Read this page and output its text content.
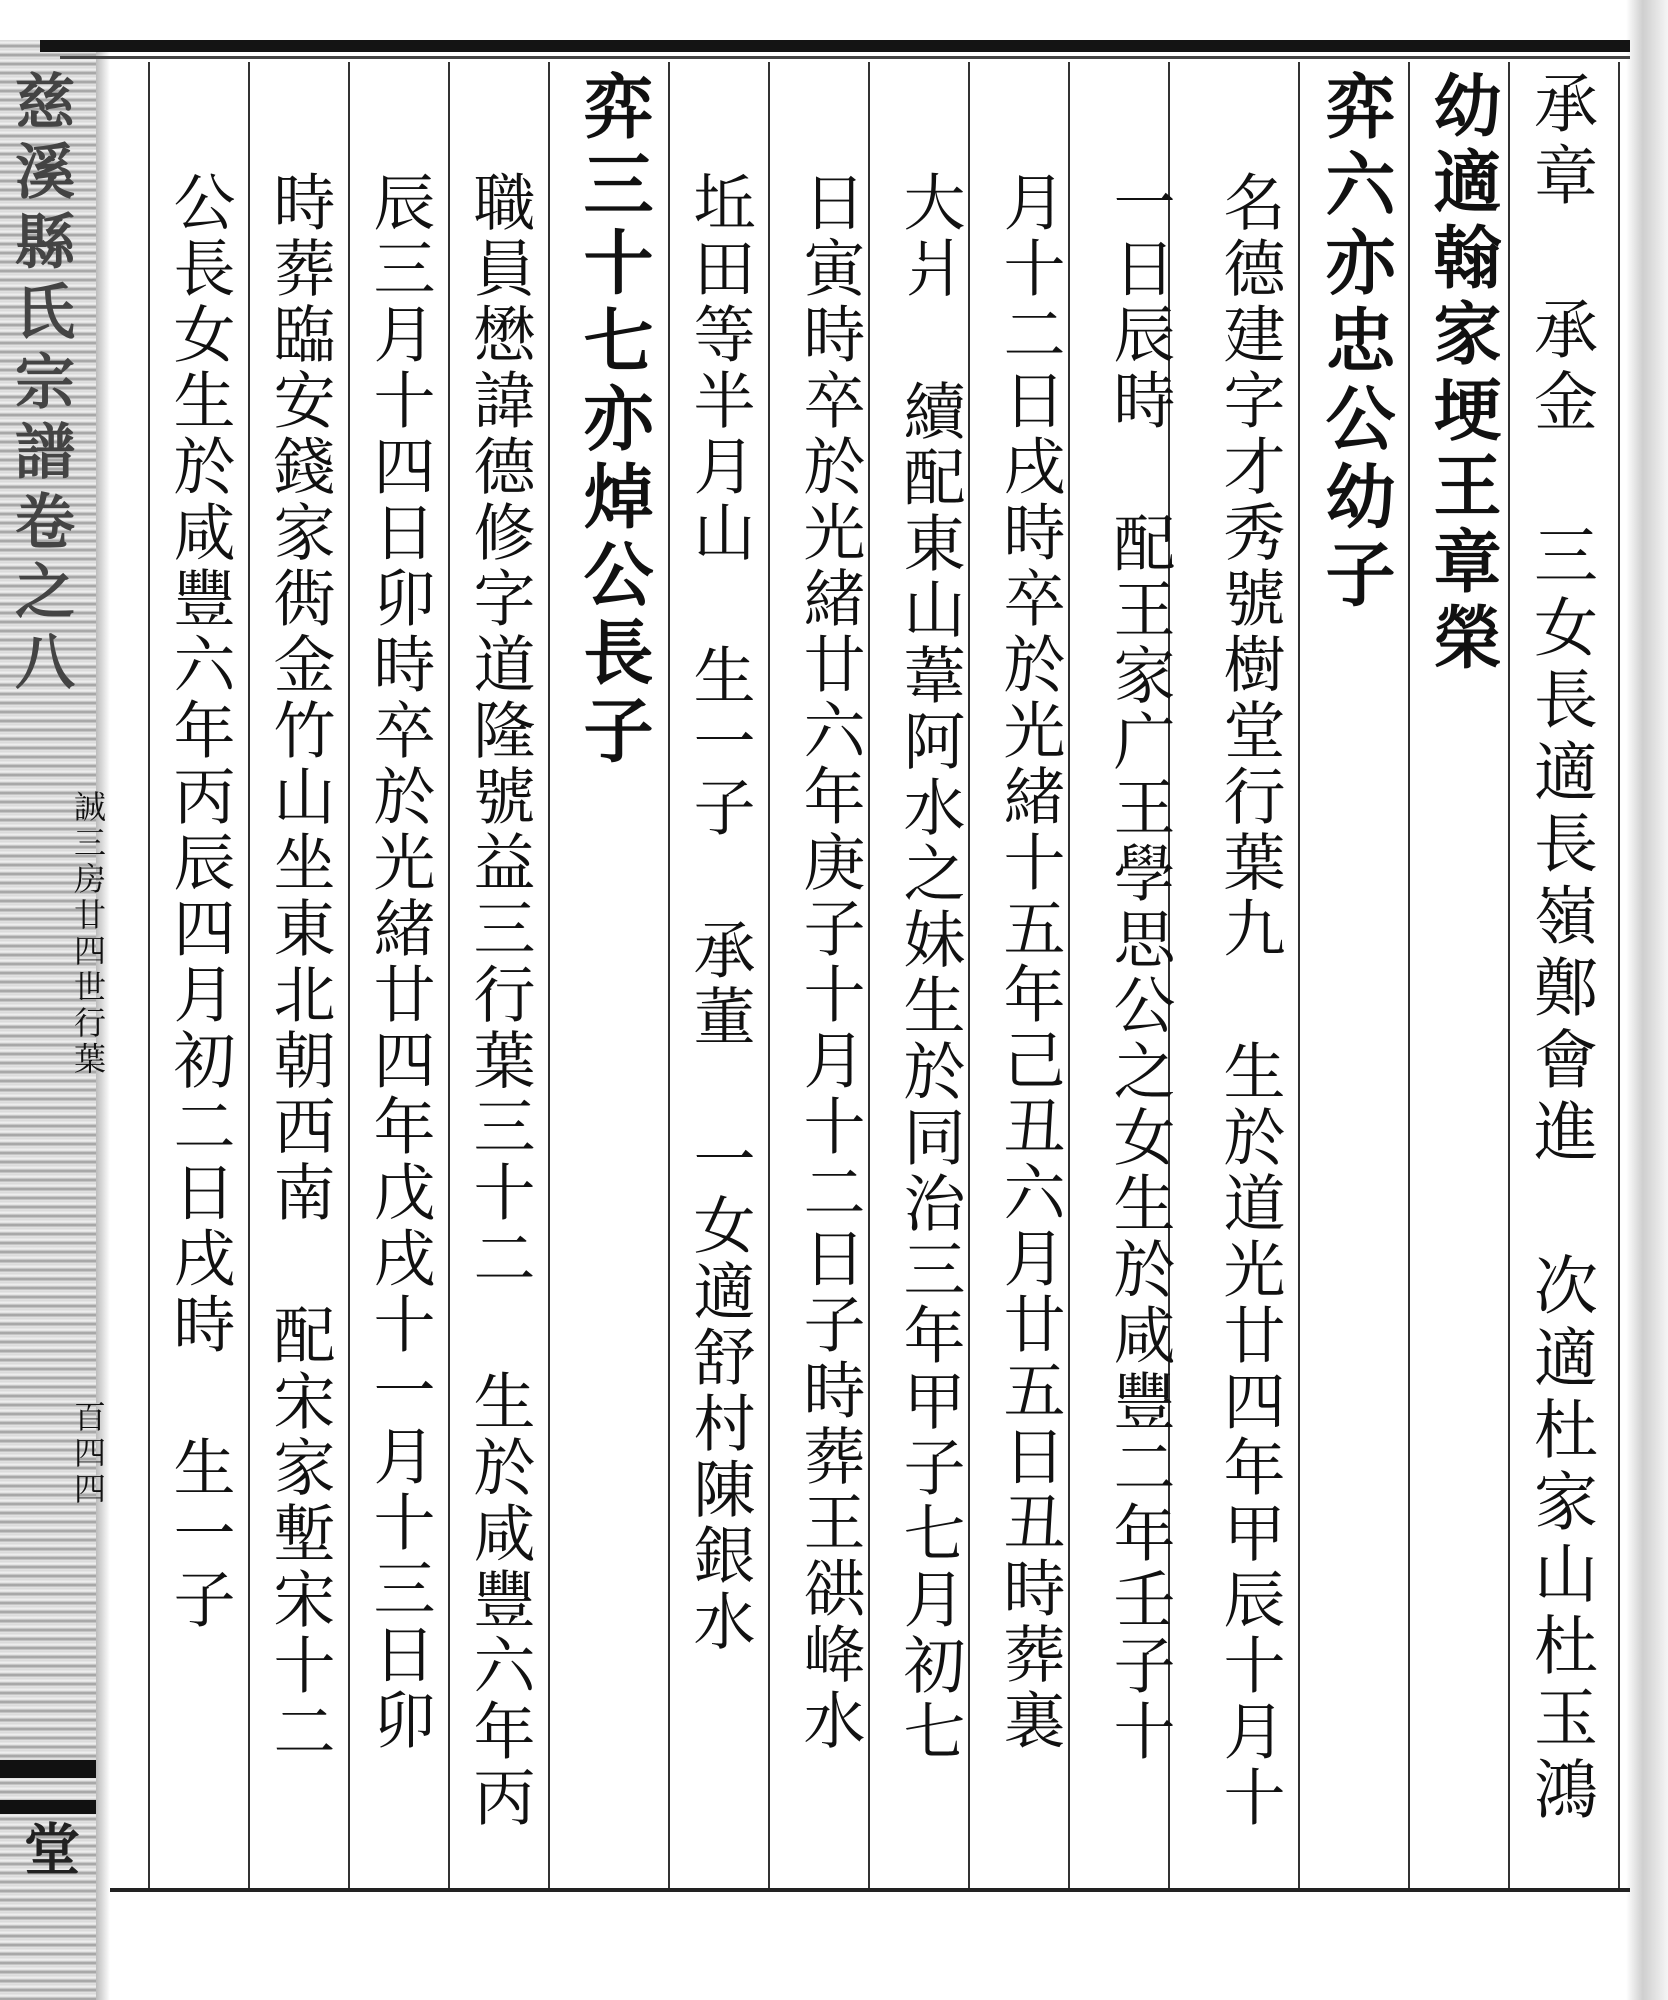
慈溪縣氏宗譜卷之八
堂
誠三房廿四世行葉
百四四	承章 承金 三女長適長嶺鄭會進 次適杜家山杜玉鴻
幼適翰家埂王章榮
弈六亦忠公幼子
名德建字才秀號樹堂行葉九 生於道光廿四年甲辰十月十
一日辰時 配王家广王學思公之女生於咸豐二年壬子十
月十二日戌時卒於光緒十五年己丑六月廿五日丑時葬裏
大爿 續配東山葦阿水之妹生於同治三年甲子七月初七
日寅時卒於光緒廿六年庚子十月十二日子時葬王谼𡶶水
坵田等半月山 生一子 承董 一女適舒村陳銀水
弈三十七亦焯公長子
職員懋諱德修字道隆號益三行葉三十二 生於咸豐六年丙
辰三月十四日卯時卒於光緒廿四年戊戌十一月十三日卯
時葬臨安錢家衖金竹山坐東北朝西南 配宋家塹宋十二
公長女生於咸豐六年丙辰四月初二日戌時 生一子
